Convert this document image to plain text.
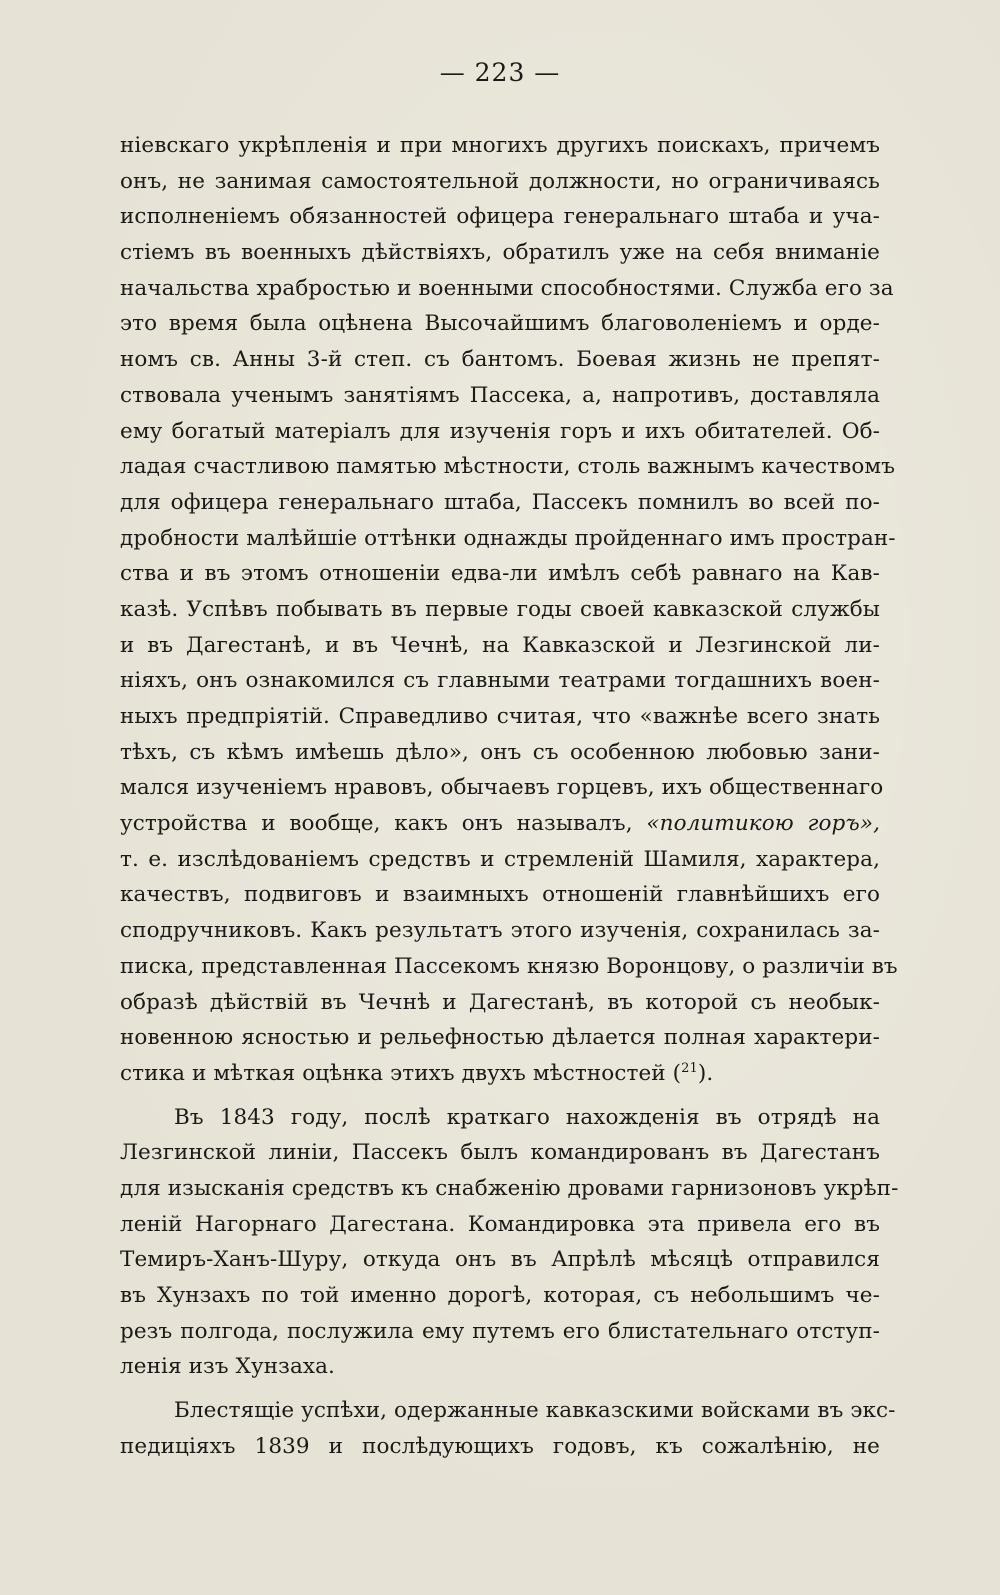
— 223 —
ніевскаго укрѣпленія и при многихъ другихъ поискахъ, причемъ
онъ, не занимая самостоятельной должности, но ограничиваясь
исполненіемъ обязанностей офицера генеральнаго штаба и уча-
стіемъ въ военныхъ дѣйствіяхъ, обратилъ уже на себя вниманіе
начальства храбростью и военными способностями. Служба его за
это время была оцѣнена Высочайшимъ благоволеніемъ и орде-
номъ св. Анны 3-й степ. съ бантомъ. Боевая жизнь не препят-
ствовала ученымъ занятіямъ Пассека, а, напротивъ, доставляла
ему богатый матеріалъ для изученія горъ и ихъ обитателей. Об-
ладая счастливою памятью мѣстности, столь важнымъ качествомъ
для офицера генеральнаго штаба, Пассекъ помнилъ во всей по-
дробности малѣйшіе оттѣнки однажды пройденнаго имъ простран-
ства и въ этомъ отношеніи едва-ли имѣлъ себѣ равнаго на Кав-
казѣ. Успѣвъ побывать въ первые годы своей кавказской службы
и въ Дагестанѣ, и въ Чечнѣ, на Кавказской и Лезгинской ли-
ніяхъ, онъ ознакомился съ главными театрами тогдашнихъ воен-
ныхъ предпріятій. Справедливо считая, что «важнѣе всего знать
тѣхъ, съ кѣмъ имѣешь дѣло», онъ съ особенною любовью зани-
мался изученіемъ нравовъ, обычаевъ горцевъ, ихъ общественнаго
устройства и вообще, какъ онъ называлъ, «политикою горъ»,
т. е. изслѣдованіемъ средствъ и стремленій Шамиля, характера,
качествъ, подвиговъ и взаимныхъ отношеній главнѣйшихъ его
сподручниковъ. Какъ результатъ этого изученія, сохранилась за-
писка, представленная Пассекомъ князю Воронцову, о различіи въ
образѣ дѣйствій въ Чечнѣ и Дагестанѣ, въ которой съ необык-
новенною ясностью и рельефностью дѣлается полная характери-
стика и мѣткая оцѣнка этихъ двухъ мѣстностей ($^{21}$).
Въ 1843 году, послѣ краткаго нахожденія въ отрядѣ на
Лезгинской линіи, Пассекъ былъ командированъ въ Дагестанъ
для изысканія средствъ къ снабженію дровами гарнизоновъ укрѣп-
леній Нагорнаго Дагестана. Командировка эта привела его въ
Темиръ-Ханъ-Шуру, откуда онъ въ Апрѣлѣ мѣсяцѣ отправился
въ Хунзахъ по той именно дорогѣ, которая, съ небольшимъ че-
резъ полгода, послужила ему путемъ его блистательнаго отступ-
ленія изъ Хунзаха.
Блестящіе успѣхи, одержанные кавказскими войсками въ экс-
педиціяхъ 1839 и послѣдующихъ годовъ, къ сожалѣнію, не
